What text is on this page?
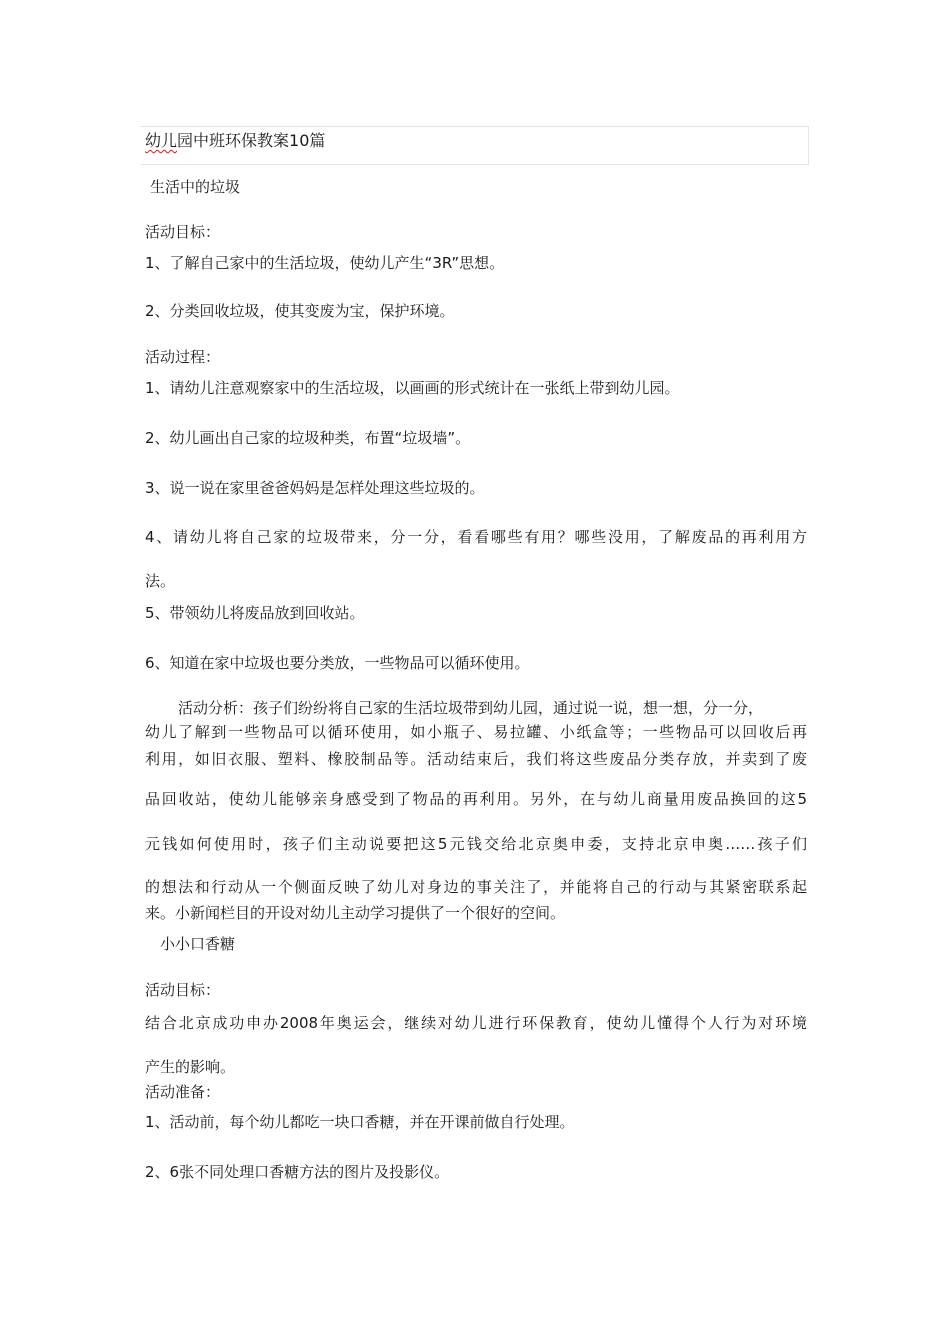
幼儿园中班环保教案10篇
生活中的垃圾
活动目标：
1、了解自己家中的生活垃圾，使幼儿产生“3R”思想。
2、分类回收垃圾，使其变废为宝，保护环境。
活动过程：
1、请幼儿注意观察家中的生活垃圾，以画画的形式统计在一张纸上带到幼儿园。
2、幼儿画出自己家的垃圾种类，布置“垃圾墙”。
3、说一说在家里爸爸妈妈是怎样处理这些垃圾的。
4、请幼儿将自己家的垃圾带来，分一分，看看哪些有用？哪些没用，了解废品的再利用方
法。
5、带领幼儿将废品放到回收站。
6、知道在家中垃圾也要分类放，一些物品可以循环使用。
活动分析：孩子们纷纷将自己家的生活垃圾带到幼儿园，通过说一说，想一想，分一分，
幼儿了解到一些物品可以循环使用，如小瓶子、易拉罐、小纸盒等；一些物品可以回收后再
利用，如旧衣服、塑料、橡胶制品等。活动结束后，我们将这些废品分类存放，并卖到了废
品回收站，使幼儿能够亲身感受到了物品的再利用。另外，在与幼儿商量用废品换回的这5
元钱如何使用时，孩子们主动说要把这5元钱交给北京奥申委，支持北京申奥……孩子们
的想法和行动从一个侧面反映了幼儿对身边的事关注了，并能将自己的行动与其紧密联系起
来。小新闻栏目的开设对幼儿主动学习提供了一个很好的空间。
小小口香糖
活动目标：
结合北京成功申办2008年奥运会，继续对幼儿进行环保教育，使幼儿懂得个人行为对环境
产生的影响。
活动准备：
1、活动前，每个幼儿都吃一块口香糖，并在开课前做自行处理。
2、6张不同处理口香糖方法的图片及投影仪。
